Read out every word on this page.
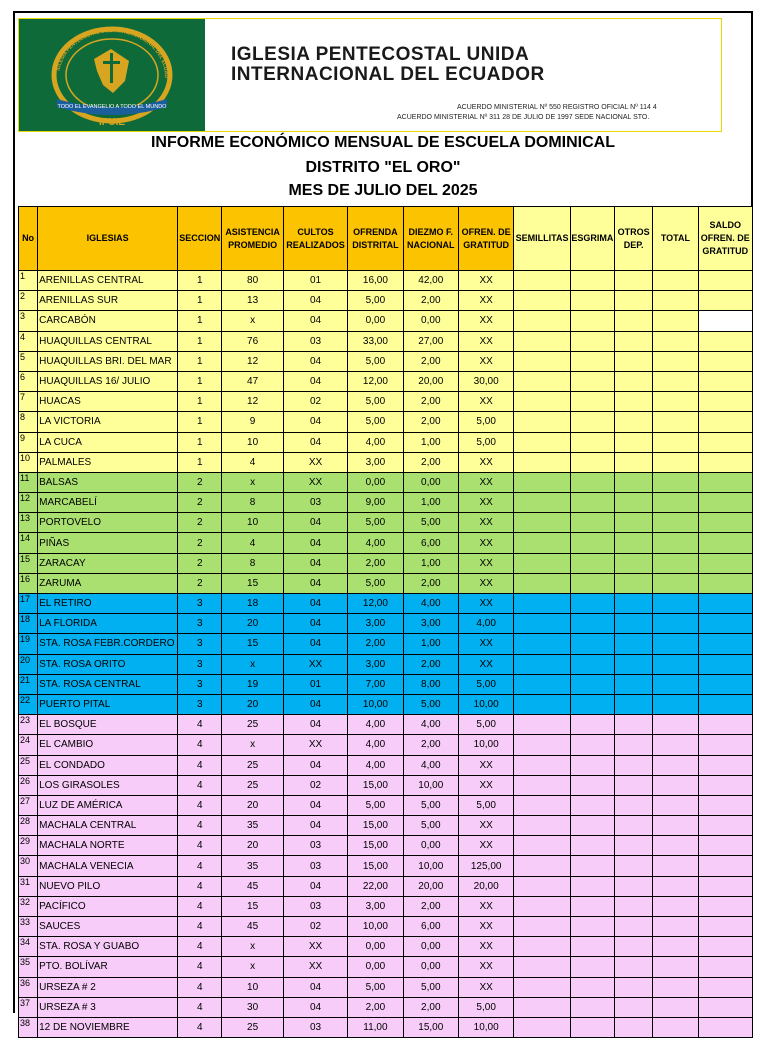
IGLESIA PENTECOSTAL UNIDA INTERNACIONAL DEL ECUAD
TODO EL EVANGELIO A TODO EL MUNDO
IPUIE
IGLESIA PENTECOSTAL UNIDA
INTERNACIONAL DEL ECUADOR
ACUERDO MINISTERIAL Nº 550 REGISTRO OFICIAL Nº 114 4
ACUERDO MINISTERIAL Nº 311 28 DE JULIO DE 1997 SEDE NACIONAL STO.
INFORME ECONÓMICO MENSUAL DE ESCUELA DOMINICAL
DISTRITO "EL ORO"
MES DE JULIO DEL 2025
No	IGLESIAS	SECCION	ASISTENCIA PROMEDIO	CULTOS REALIZADOS	OFRENDA DISTRITAL	DIEZMO F. NACIONAL	OFREN. DE GRATITUD	SEMILLITAS	ESGRIMA	OTROS DEP.	TOTAL	SALDO OFREN. DE GRATITUD
1	ARENILLAS CENTRAL	1	80	01	16,00	42,00	XX					
2	ARENILLAS SUR	1	13	04	5,00	2,00	XX					
3	CARCABÓN	1	x	04	0,00	0,00	XX					
4	HUAQUILLAS CENTRAL	1	76	03	33,00	27,00	XX					
5	HUAQUILLAS BRI. DEL MAR	1	12	04	5,00	2,00	XX					
6	HUAQUILLAS 16/ JULIO	1	47	04	12,00	20,00	30,00					
7	HUACAS	1	12	02	5,00	2,00	XX					
8	LA VICTORIA	1	9	04	5,00	2,00	5,00					
9	LA CUCA	1	10	04	4,00	1,00	5,00					
10	PALMALES	1	4	XX	3,00	2,00	XX					
11	BALSAS	2	x	XX	0,00	0,00	XX					
12	MARCABELÍ	2	8	03	9,00	1,00	XX					
13	PORTOVELO	2	10	04	5,00	5,00	XX					
14	PIÑAS	2	4	04	4,00	6,00	XX					
15	ZARACAY	2	8	04	2,00	1,00	XX					
16	ZARUMA	2	15	04	5,00	2,00	XX					
17	EL RETIRO	3	18	04	12,00	4,00	XX					
18	LA FLORIDA	3	20	04	3,00	3,00	4,00					
19	STA. ROSA FEBR.CORDERO	3	15	04	2,00	1,00	XX					
20	STA. ROSA ORITO	3	x	XX	3,00	2,00	XX					
21	STA. ROSA CENTRAL	3	19	01	7,00	8,00	5,00					
22	PUERTO PITAL	3	20	04	10,00	5,00	10,00					
23	EL BOSQUE	4	25	04	4,00	4,00	5,00					
24	EL CAMBIO	4	x	XX	4,00	2,00	10,00					
25	EL CONDADO	4	25	04	4,00	4,00	XX					
26	LOS GIRASOLES	4	25	02	15,00	10,00	XX					
27	LUZ DE AMÉRICA	4	20	04	5,00	5,00	5,00					
28	MACHALA CENTRAL	4	35	04	15,00	5,00	XX					
29	MACHALA NORTE	4	20	03	15,00	0,00	XX					
30	MACHALA VENECIA	4	35	03	15,00	10,00	125,00					
31	NUEVO PILO	4	45	04	22,00	20,00	20,00					
32	PACÍFICO	4	15	03	3,00	2,00	XX					
33	SAUCES	4	45	02	10,00	6,00	XX					
34	STA. ROSA Y GUABO	4	x	XX	0,00	0,00	XX					
35	PTO. BOLÍVAR	4	x	XX	0,00	0,00	XX					
36	URSEZA # 2	4	10	04	5,00	5,00	XX					
37	URSEZA # 3	4	30	04	2,00	2,00	5,00					
38	12 DE NOVIEMBRE	4	25	03	11,00	15,00	10,00					
